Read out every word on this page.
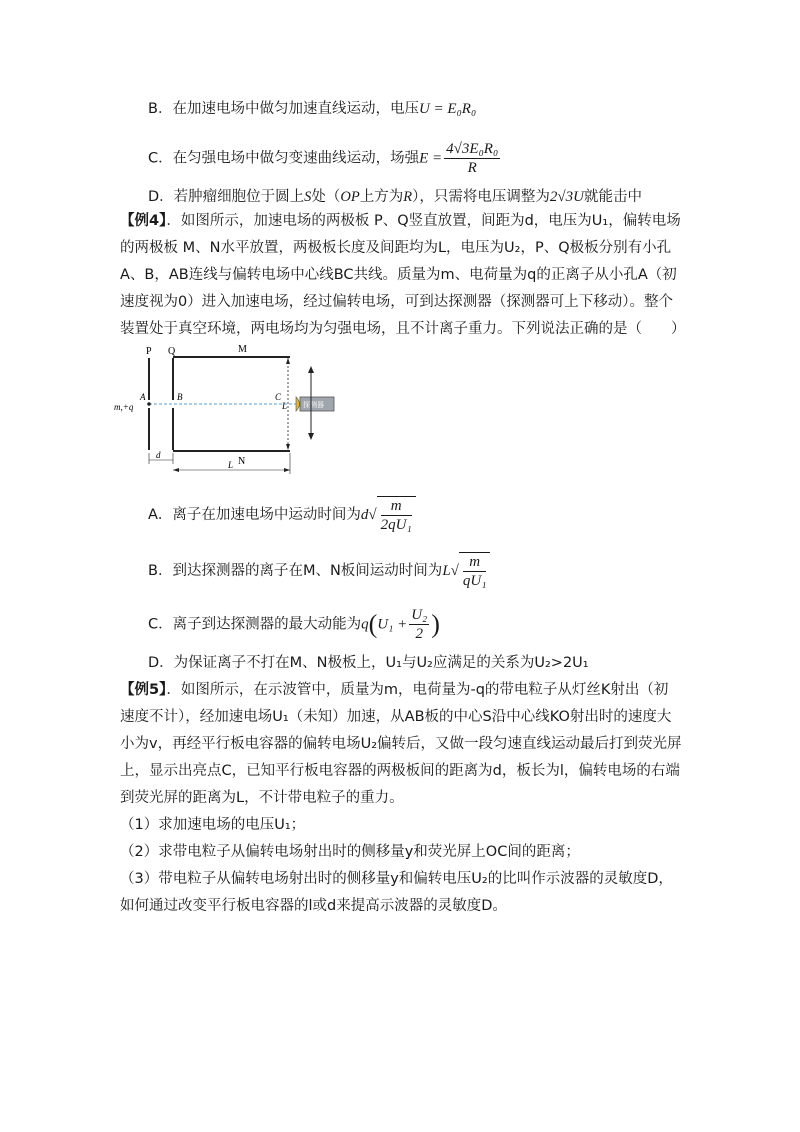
B．在加速电场中做匀加速直线运动，电压U = E₀R₀
C．在匀强电场中做匀变速曲线运动，场强$E = \frac{\text{4√3E₀R₀}}{R}$
D．若肿瘤细胞位于圆上S处（OP上方为R），只需将电压调整为2√3U就能击中
【例4】．如图所示，加速电场的两极板 P、Q竖直放置，间距为d，电压为U₁，偏转电场
的两极板 M、N水平放置，两极板长度及间距均为L，电压为U₂，P、Q极板分别有小孔
A、B，AB连线与偏转电场中心线BC共线。质量为m、电荷量为q的正离子从小孔A（初
速度视为0）进入加速电场，经过偏转电场，可到达探测器（探测器可上下移动）。整个
装置处于真空环境，两电场均为匀强电场，且不计离子重力。下列说法正确的是（　　）
P Q	M
N
A
m,+q
B	C
L 探测器
d
L
A．离子在加速电场中运动时间为$d√ \frac{m}{\text{2qU₁}}$
B．到达探测器的离子在M、N板间运动时间为$L√ \frac{m}{\text{qU₁}}$
C．离子到达探测器的最大动能为$q(U_1 + \frac{\text{U₂}}{2}$ )
D．为保证离子不打在M、N极板上，U₁与U₂应满足的关系为U₂>2U₁
【例5】．如图所示，在示波管中，质量为m，电荷量为-q的带电粒子从灯丝K射出（初
速度不计），经加速电场U₁（未知）加速，从AB板的中心S沿中心线KO射出时的速度大
小为v，再经平行板电容器的偏转电场U₂偏转后，又做一段匀速直线运动最后打到荧光屏
上，显示出亮点C，已知平行板电容器的两极板间的距离为d，板长为l，偏转电场的右端
到荧光屏的距离为L，不计带电粒子的重力。
（1）求加速电场的电压U₁；
（2）求带电粒子从偏转电场射出时的侧移量y和荧光屏上OC间的距离；
（3）带电粒子从偏转电场射出时的侧移量y和偏转电压U₂的比叫作示波器的灵敏度D，
如何通过改变平行板电容器的l或d来提高示波器的灵敏度D。
